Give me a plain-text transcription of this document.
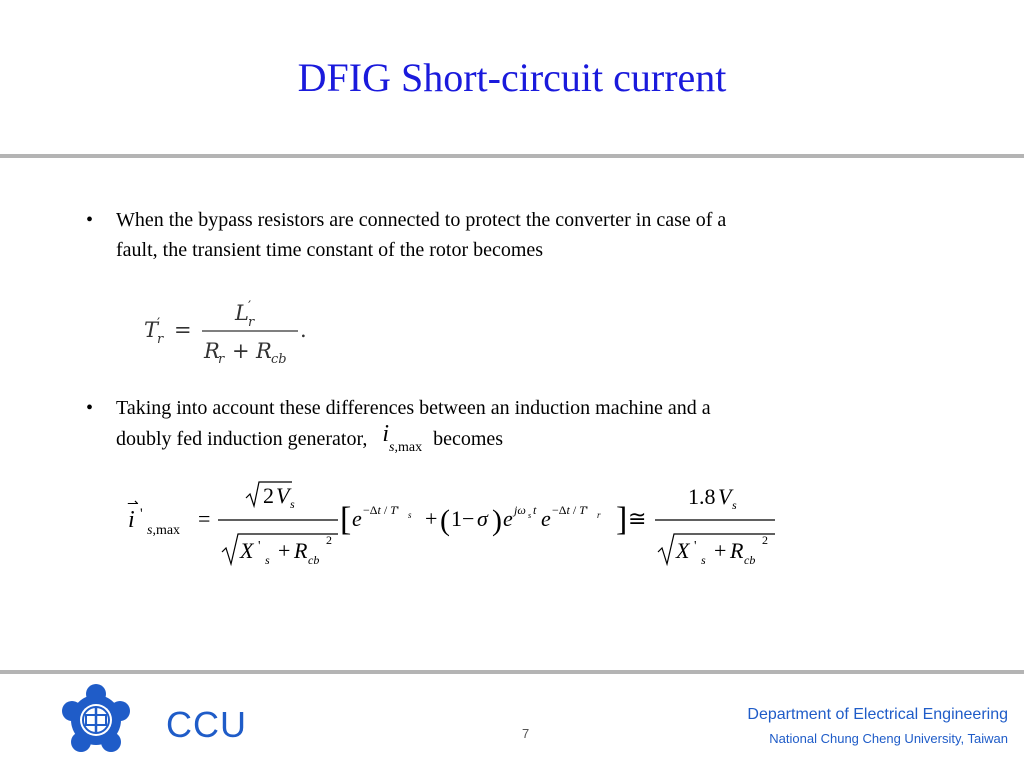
DFIG Short-circuit current
• When the bypass resistors are connected to protect the converter in case of a
fault, the transient time constant of the rotor becomes
T
′
r =
L ′
r
R
r + R cb
.
• Taking into account these differences between an induction machine and a
doubly fed induction generator, $i_{s,max}$ becomes
i
⇀
'
s,max =
2 V s
X '
s + R cb
2
[ e −Δt / T' s + ( 1− σ ) e jω s t e −Δt / T' r ] ≅
1.8 V s
X '
s + R cb
2
CCU	7
Department of Electrical Engineering
National Chung Cheng University, Taiwan
